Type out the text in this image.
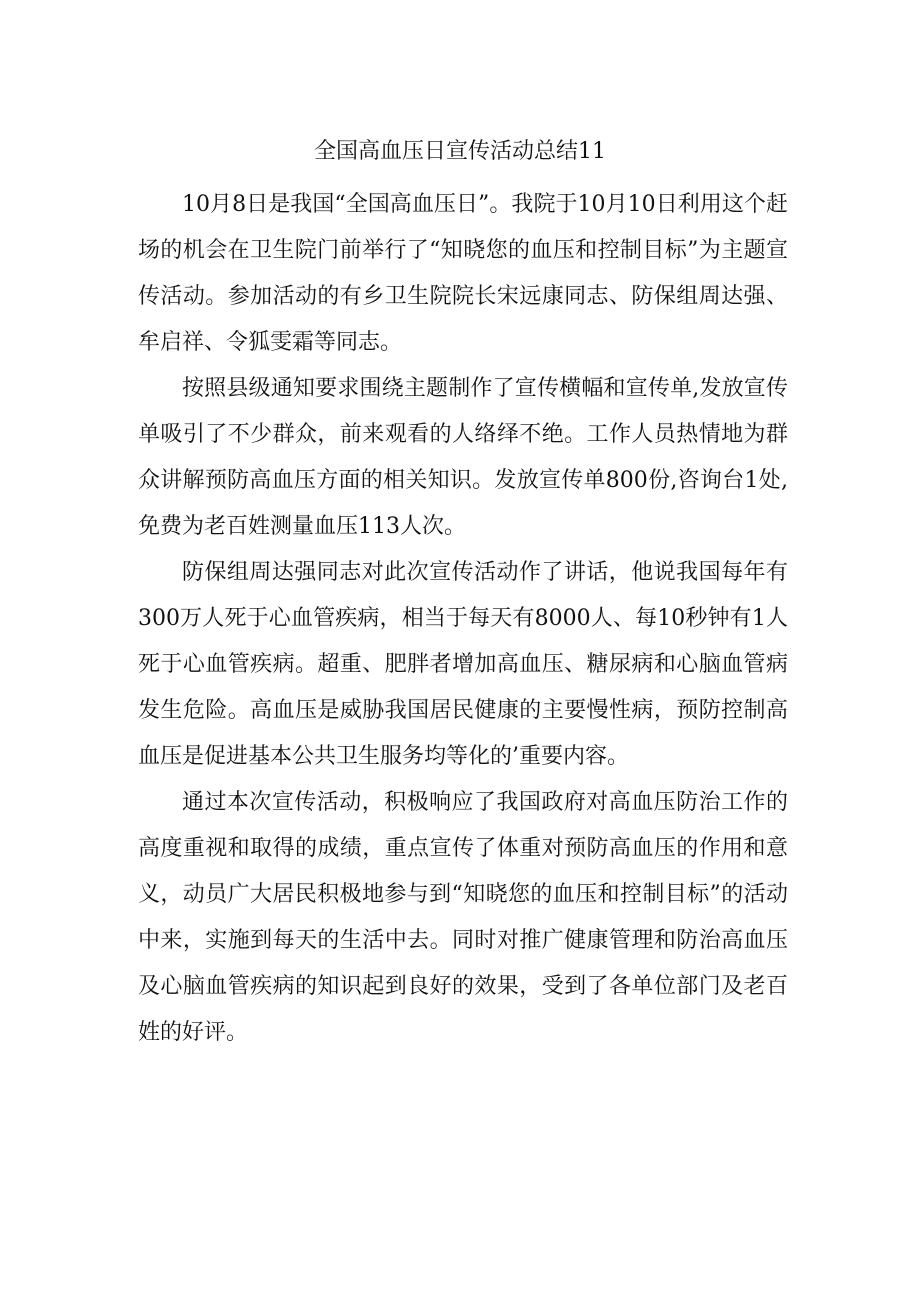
全国高血压日宣传活动总结11

10月8日是我国“全国高血压日”。我院于10月10日利用这个赶场的机会在卫生院门前举行了“知晓您的血压和控制目标”为主题宣传活动。参加活动的有乡卫生院院长宋远康同志、防保组周达强、牟启祥、令狐雯霜等同志。

按照县级通知要求围绕主题制作了宣传横幅和宣传单,发放宣传单吸引了不少群众，前来观看的人络绎不绝。工作人员热情地为群众讲解预防高血压方面的相关知识。发放宣传单800份,咨询台1处,免费为老百姓测量血压113人次。

防保组周达强同志对此次宣传活动作了讲话，他说我国每年有300万人死于心血管疾病，相当于每天有8000人、每10秒钟有1人死于心血管疾病。超重、肥胖者增加高血压、糖尿病和心脑血管病发生危险。高血压是威胁我国居民健康的主要慢性病，预防控制高血压是促进基本公共卫生服务均等化的’重要内容。

通过本次宣传活动，积极响应了我国政府对高血压防治工作的高度重视和取得的成绩，重点宣传了体重对预防高血压的作用和意义，动员广大居民积极地参与到“知晓您的血压和控制目标”的活动中来，实施到每天的生活中去。同时对推广健康管理和防治高血压及心脑血管疾病的知识起到良好的效果，受到了各单位部门及老百姓的好评。
